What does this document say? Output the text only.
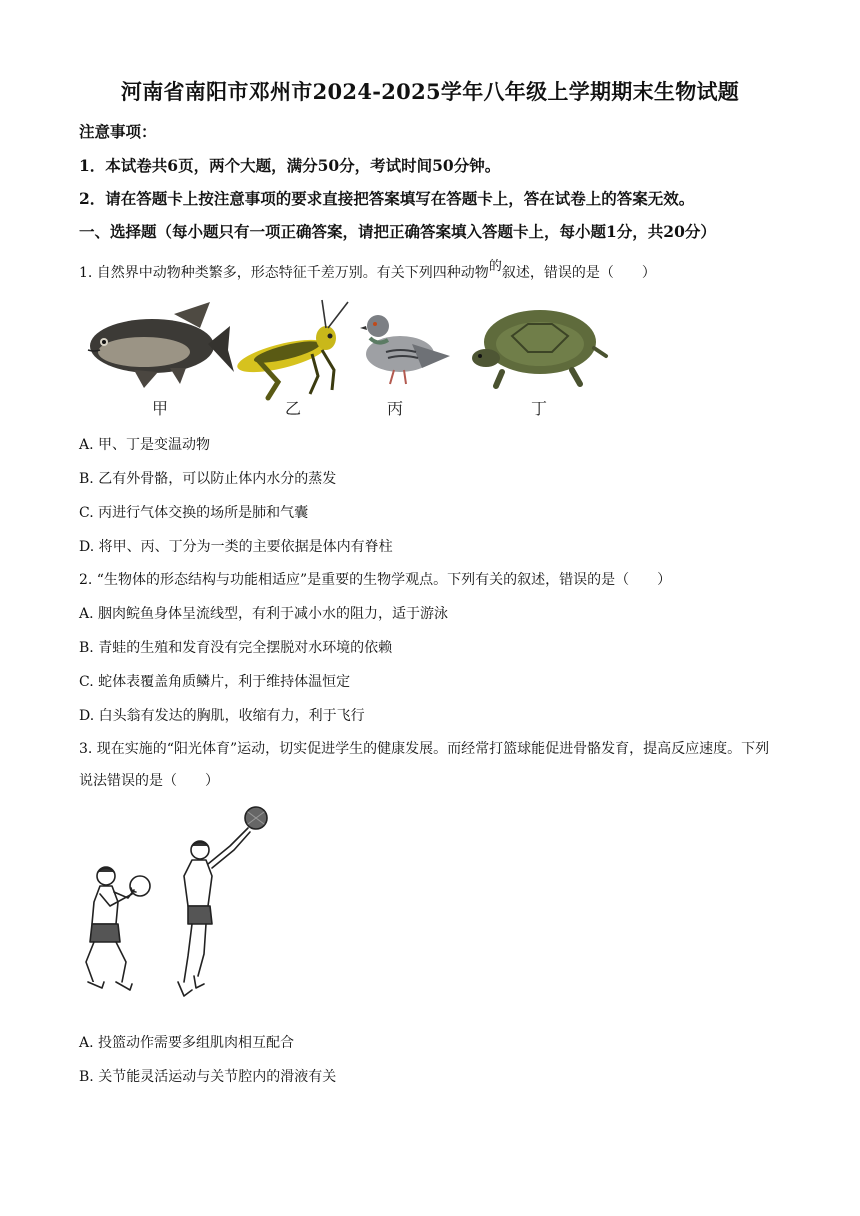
河南省南阳市邓州市2024-2025学年八年级上学期期末生物试题
注意事项：
1．本试卷共6页，两个大题，满分50分，考试时间50分钟。
2．请在答题卡上按注意事项的要求直接把答案填写在答题卡上，答在试卷上的答案无效。
一、选择题（每小题只有一项正确答案，请把正确答案填入答题卡上，每小题1分，共20分）
1. 自然界中动物种类繁多，形态特征千差万别。有关下列四种动物的叙述，错误的是（　　）
甲	乙	丙	丁
A. 甲、丁是变温动物
B. 乙有外骨骼，可以防止体内水分的蒸发
C. 丙进行气体交换的场所是肺和气囊
D. 将甲、丙、丁分为一类的主要依据是体内有脊柱
2. “生物体的形态结构与功能相适应”是重要的生物学观点。下列有关的叙述，错误的是（　　）
A. 胭肉鲩鱼身体呈流线型，有利于减小水的阻力，适于游泳
B. 青蛙的生殖和发育没有完全摆脱对水环境的依赖
C. 蛇体表覆盖角质鳞片，利于维持体温恒定
D. 白头翁有发达的胸肌，收缩有力，利于飞行
3. 现在实施的“阳光体育”运动，切实促进学生的健康发展。而经常打篮球能促进骨骼发育，提高反应速度。下列说法错误的是（　　）
A. 投篮动作需要多组肌肉相互配合
B. 关节能灵活运动与关节腔内的滑液有关
